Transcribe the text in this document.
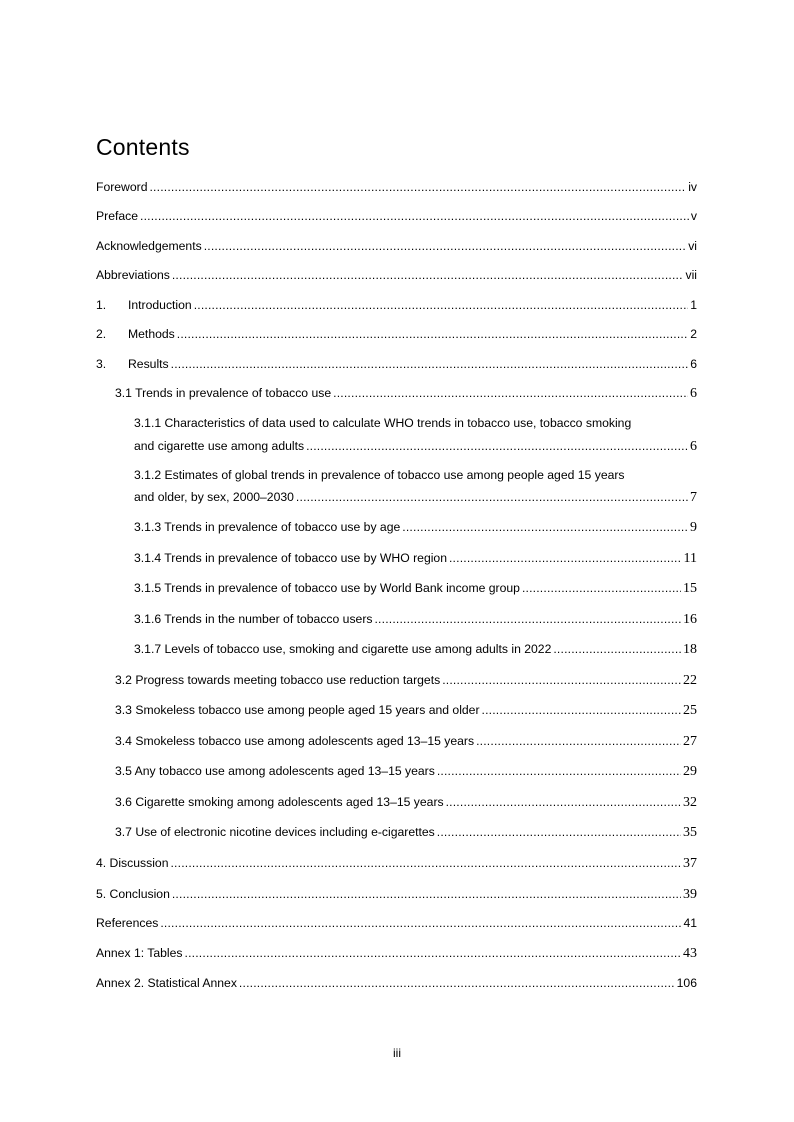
Contents
Foreword . . .	iv
Preface . . .	v
Acknowledgements . . .	vi
Abbreviations . . .	vii
1.	Introduction . . .	1
2.	Methods . . .	2
3.	Results . . .	6
3.1 Trends in prevalence of tobacco use . . .	6
3.1.1 Characteristics of data used to calculate WHO trends in tobacco use, tobacco smoking
and cigarette use among adults . . .	6
3.1.2 Estimates of global trends in prevalence of tobacco use among people aged 15 years
and older, by sex, 2000–2030 . . .	7
3.1.3 Trends in prevalence of tobacco use by age . . .	9
3.1.4 Trends in prevalence of tobacco use by WHO region . . .	11
3.1.5 Trends in prevalence of tobacco use by World Bank income group . . .	15
3.1.6 Trends in the number of tobacco users . . .	16
3.1.7 Levels of tobacco use, smoking and cigarette use among adults in 2022 . . .	18
3.2 Progress towards meeting tobacco use reduction targets . . .	22
3.3 Smokeless tobacco use among people aged 15 years and older . . .	25
3.4 Smokeless tobacco use among adolescents aged 13–15 years . . .	27
3.5 Any tobacco use among adolescents aged 13–15 years . . .	29
3.6 Cigarette smoking among adolescents aged 13–15 years . . .	32
3.7 Use of electronic nicotine devices including e-cigarettes . . .	35
4. Discussion . . .	37
5. Conclusion . . .	39
References . . .	41
Annex 1: Tables . . .	43
Annex 2. Statistical Annex . . .	106
iii
